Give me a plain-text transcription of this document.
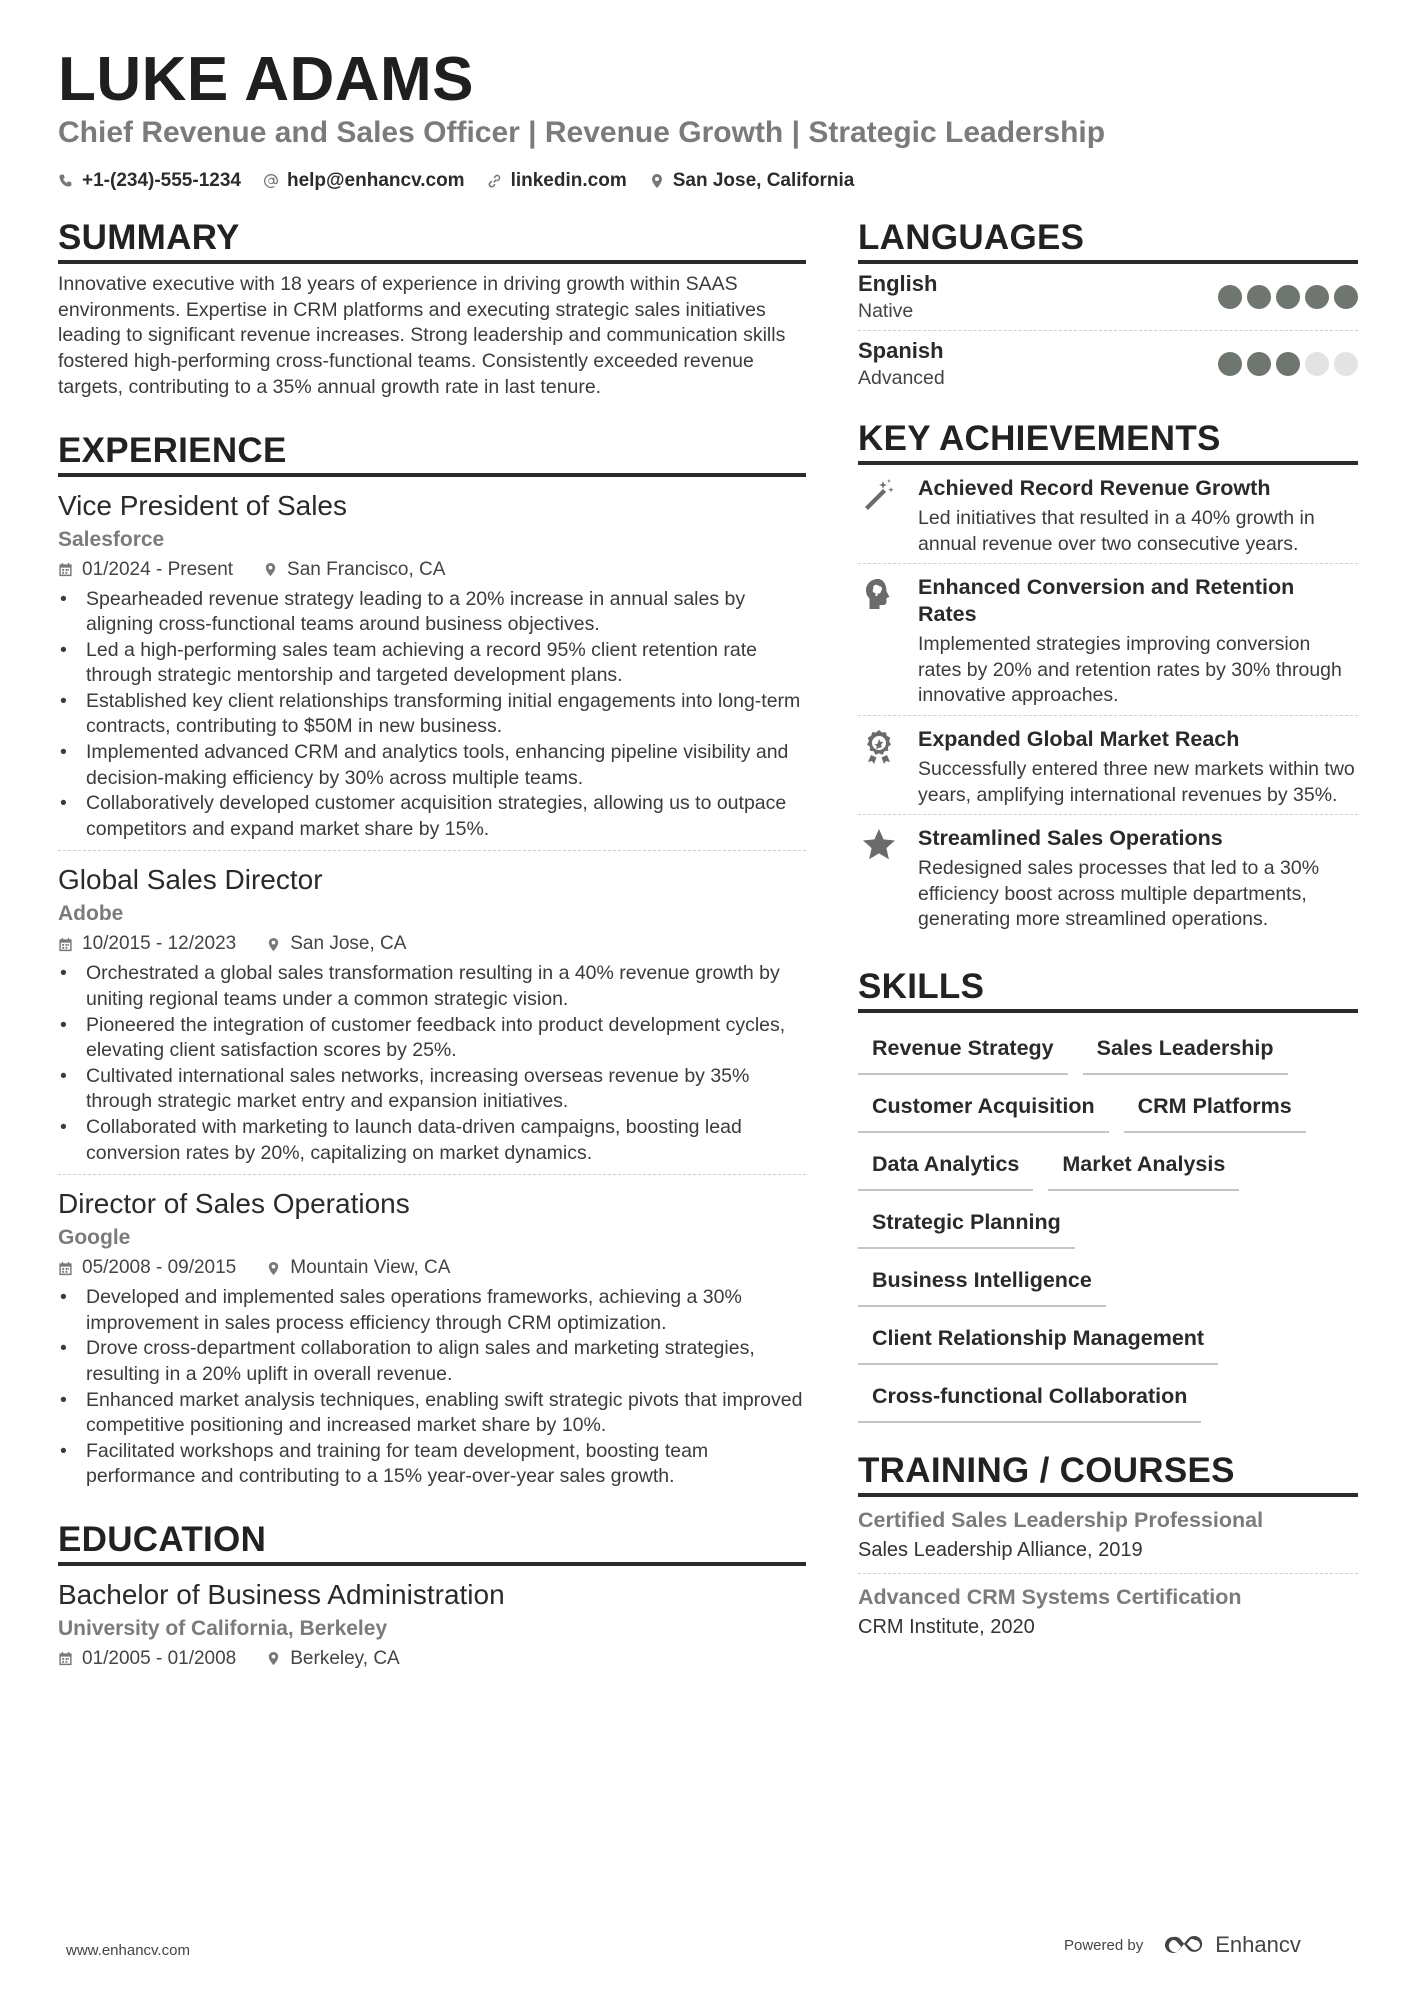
LUKE ADAMS
Chief Revenue and Sales Officer | Revenue Growth | Strategic Leadership
+1-(234)-555-1234 help@enhancv.com linkedin.com San Jose, California
SUMMARY
Innovative executive with 18 years of experience in driving growth within SAAS environments. Expertise in CRM platforms and executing strategic sales initiatives leading to significant revenue increases. Strong leadership and communication skills fostered high-performing cross-functional teams. Consistently exceeded revenue targets, contributing to a 35% annual growth rate in last tenure.
EXPERIENCE
Vice President of Sales
Salesforce
01/2024 - Present	San Francisco, CA
• Spearheaded revenue strategy leading to a 20% increase in annual sales by aligning cross-functional teams around business objectives.
• Led a high-performing sales team achieving a record 95% client retention rate through strategic mentorship and targeted development plans.
• Established key client relationships transforming initial engagements into long-term contracts, contributing to $50M in new business.
• Implemented advanced CRM and analytics tools, enhancing pipeline visibility and decision-making efficiency by 30% across multiple teams.
• Collaboratively developed customer acquisition strategies, allowing us to outpace competitors and expand market share by 15%.
Global Sales Director
Adobe
10/2015 - 12/2023	San Jose, CA
• Orchestrated a global sales transformation resulting in a 40% revenue growth by uniting regional teams under a common strategic vision.
• Pioneered the integration of customer feedback into product development cycles, elevating client satisfaction scores by 25%.
• Cultivated international sales networks, increasing overseas revenue by 35% through strategic market entry and expansion initiatives.
• Collaborated with marketing to launch data-driven campaigns, boosting lead conversion rates by 20%, capitalizing on market dynamics.
Director of Sales Operations
Google
05/2008 - 09/2015	Mountain View, CA
• Developed and implemented sales operations frameworks, achieving a 30% improvement in sales process efficiency through CRM optimization.
• Drove cross-department collaboration to align sales and marketing strategies, resulting in a 20% uplift in overall revenue.
• Enhanced market analysis techniques, enabling swift strategic pivots that improved competitive positioning and increased market share by 10%.
• Facilitated workshops and training for team development, boosting team performance and contributing to a 15% year-over-year sales growth.
EDUCATION
Bachelor of Business Administration
University of California, Berkeley
01/2005 - 01/2008	Berkeley, CA
LANGUAGES
English
Native
Spanish
Advanced
KEY ACHIEVEMENTS
Achieved Record Revenue Growth
Led initiatives that resulted in a 40% growth in annual revenue over two consecutive years.
Enhanced Conversion and Retention Rates
Implemented strategies improving conversion rates by 20% and retention rates by 30% through innovative approaches.
Expanded Global Market Reach
Successfully entered three new markets within two years, amplifying international revenues by 35%.
Streamlined Sales Operations
Redesigned sales processes that led to a 30% efficiency boost across multiple departments, generating more streamlined operations.
SKILLS
Revenue Strategy	Sales Leadership
Customer Acquisition	CRM Platforms
Data Analytics	Market Analysis
Strategic Planning
Business Intelligence
Client Relationship Management
Cross-functional Collaboration
TRAINING / COURSES
Certified Sales Leadership Professional
Sales Leadership Alliance, 2019
Advanced CRM Systems Certification
CRM Institute, 2020
www.enhancv.com	Powered by	Enhancv
